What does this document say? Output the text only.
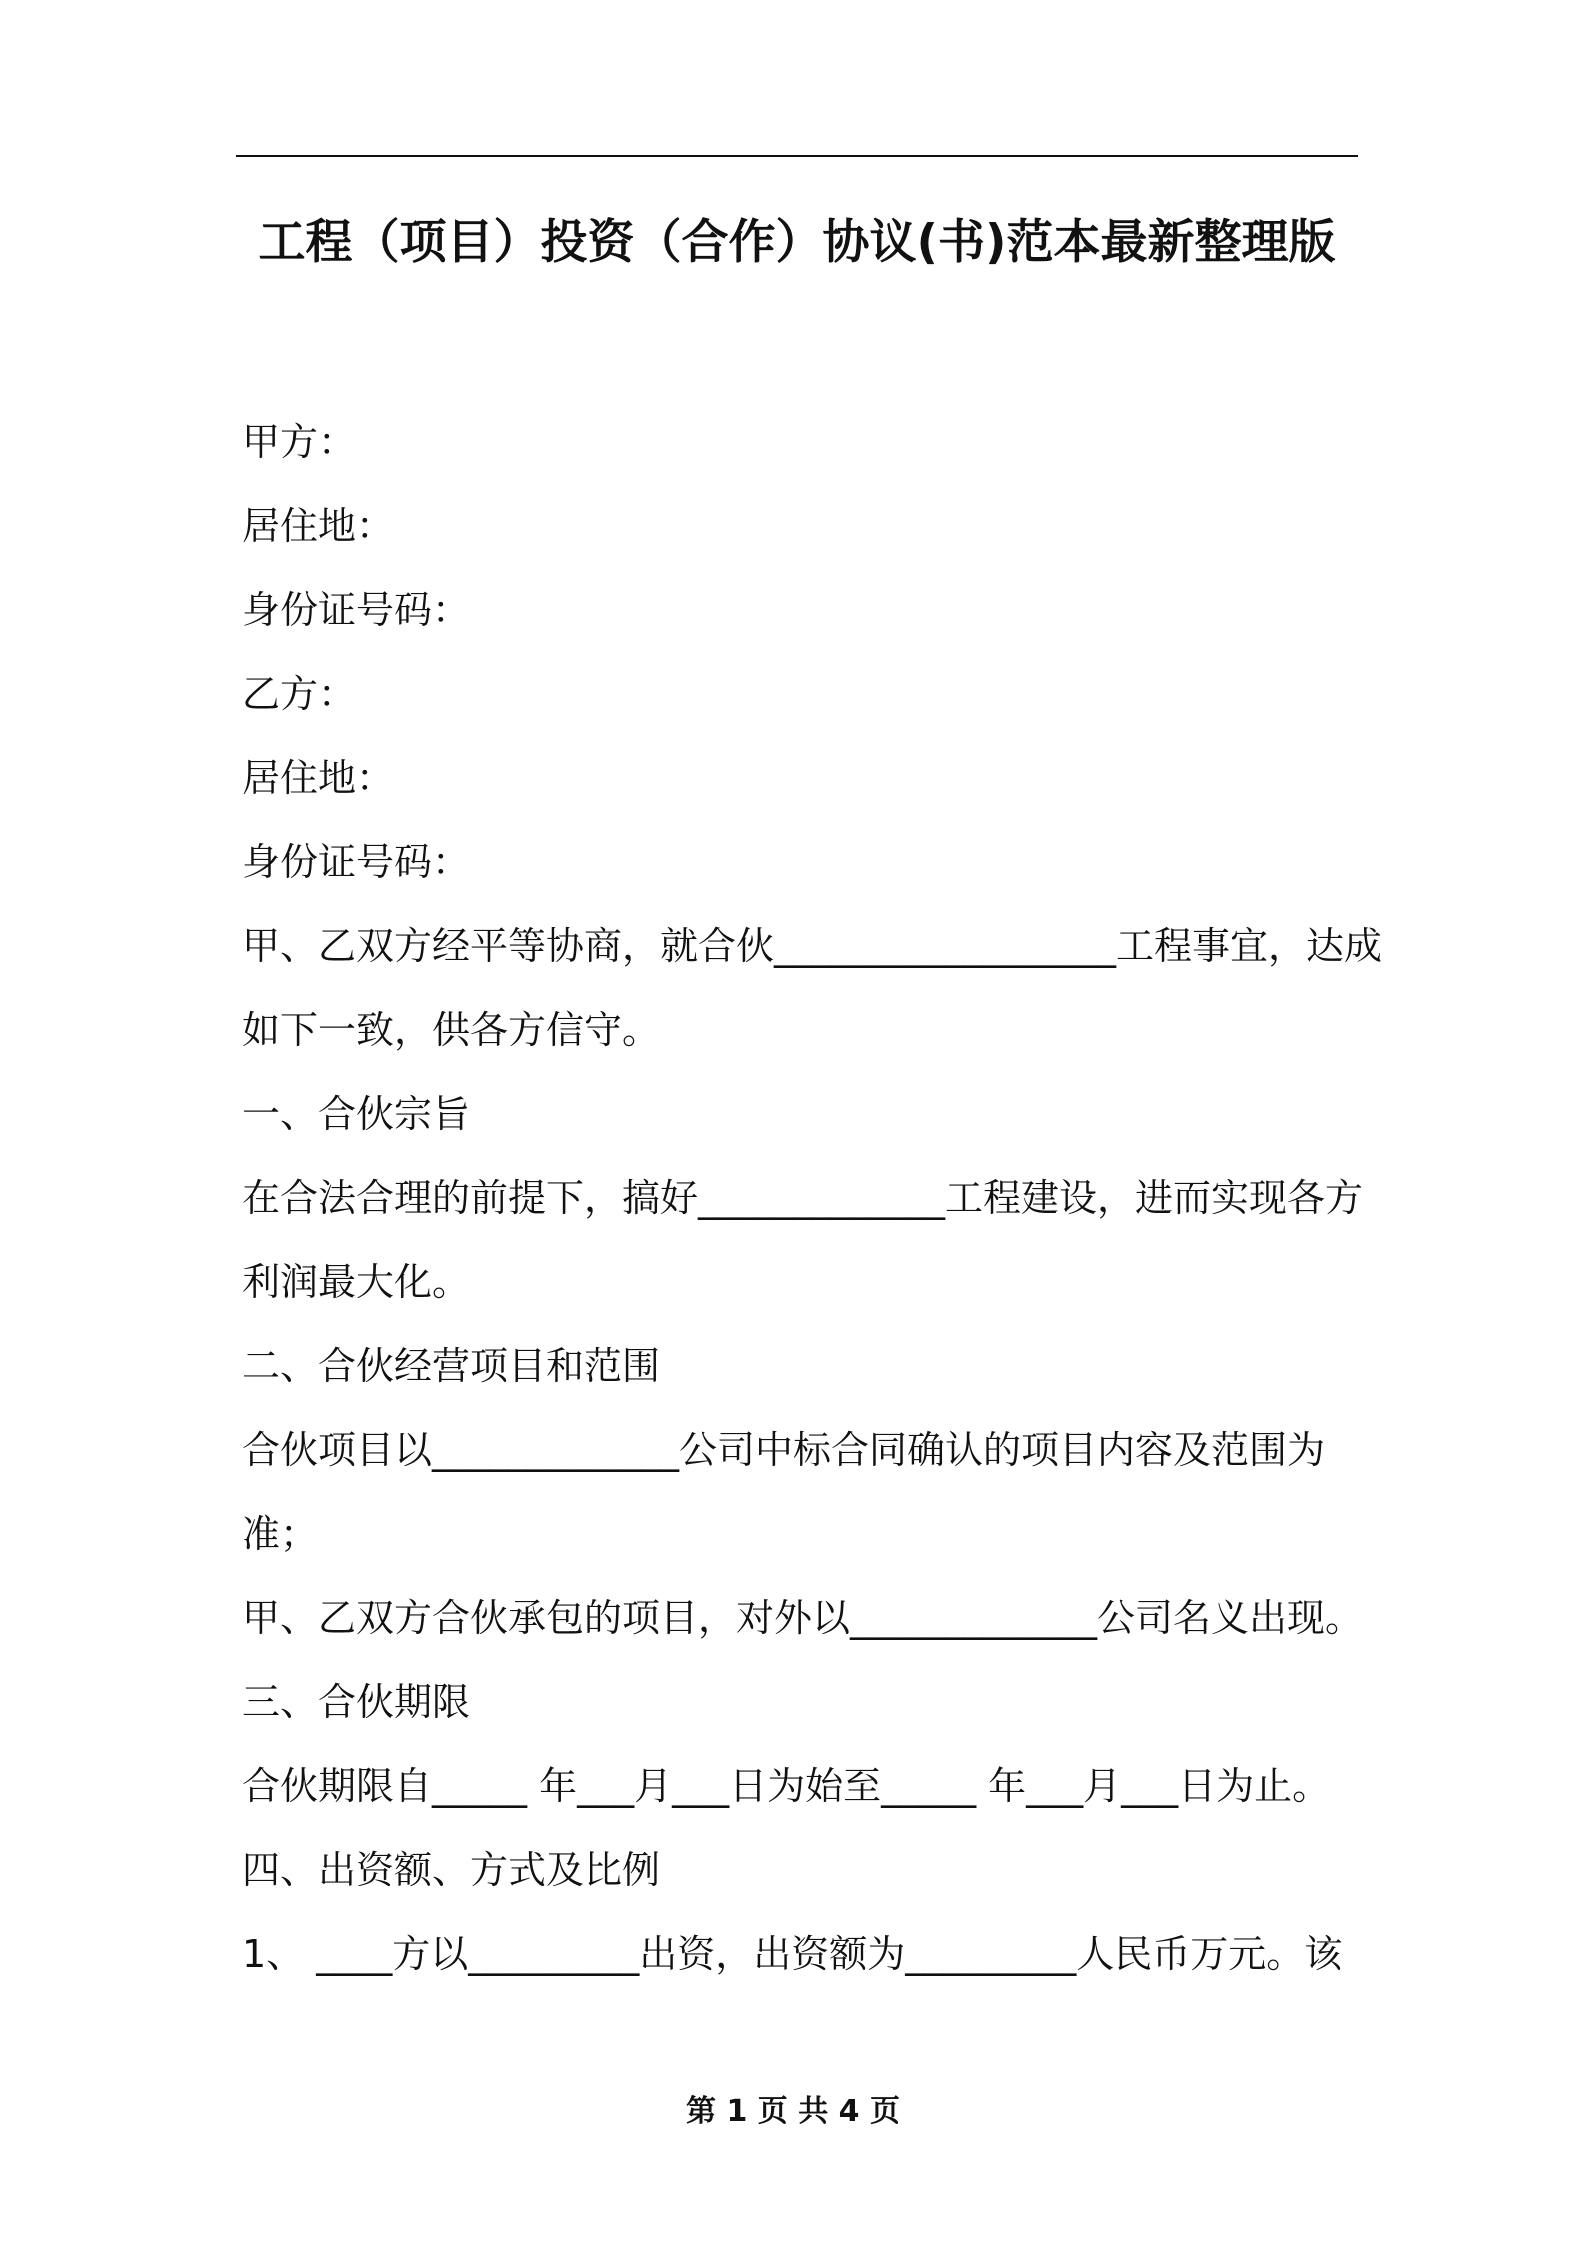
工程（项目）投资（合作）协议(书)范本最新整理版
甲方：
居住地：
身份证号码：
乙方：
居住地：
身份证号码：
甲、乙双方经平等协商，就合伙__________________工程事宜，达成
如下一致，供各方信守。
一、合伙宗旨
在合法合理的前提下，搞好_____________工程建设，进而实现各方
利润最大化。
二、合伙经营项目和范围
合伙项目以_____________公司中标合同确认的项目内容及范围为
准；
甲、乙双方合伙承包的项目，对外以_____________公司名义出现。
三、合伙期限
合伙期限自_____ 年___月___日为始至_____ 年___月___日为止。
四、出资额、方式及比例
1、 ____方以_________出资，出资额为_________人民币万元。该
第 1 页 共 4 页
